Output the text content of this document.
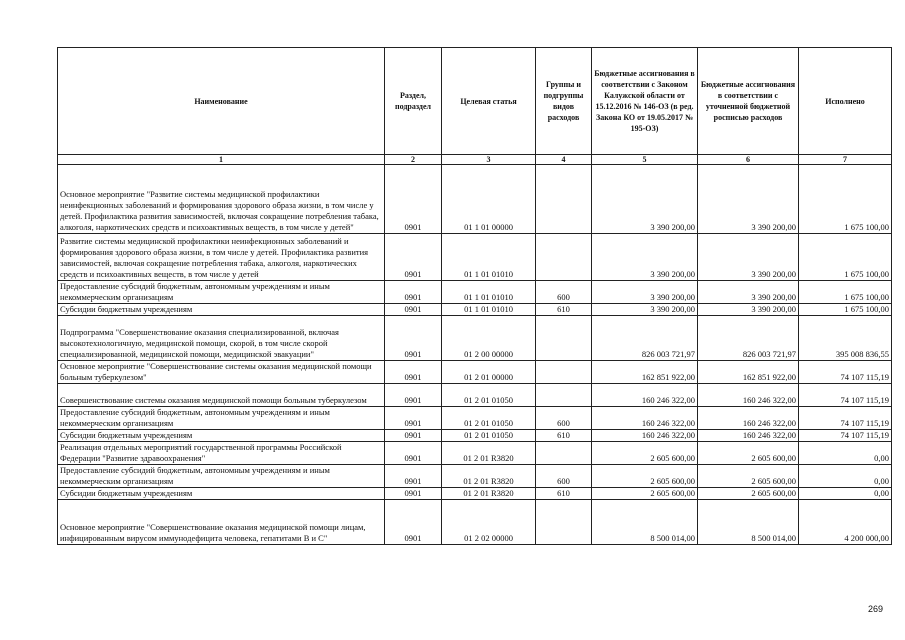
Наименование	Раздел, подраздел	Целевая статья	Группы и подгруппы видов расходов	Бюджетные ассигнования в соответствии с Законом Калужской области от 15.12.2016 № 146-ОЗ (в ред. Закона КО от 19.05.2017 № 195-ОЗ)	Бюджетные ассигнования в соответствии с уточненной бюджетной росписью расходов	Исполнено
1	2	3	4	5	6	7
Основное мероприятие "Развитие системы медицинской профилактики неинфекционных заболеваний и формирования здорового образа жизни, в том числе у детей. Профилактика развития зависимостей, включая сокращение потребления табака, алкоголя, наркотических средств и психоактивных веществ, в том числе у детей"	0901	01 1 01 00000		3 390 200,00	3 390 200,00	1 675 100,00
Развитие системы медицинской профилактики неинфекционных заболеваний и формирования здорового образа жизни, в том числе у детей. Профилактика развития зависимостей, включая сокращение потребления табака, алкоголя, наркотических средств и психоактивных веществ, в том числе у детей	0901	01 1 01 01010		3 390 200,00	3 390 200,00	1 675 100,00
Предоставление субсидий бюджетным, автономным учреждениям и иным некоммерческим организациям	0901	01 1 01 01010	600	3 390 200,00	3 390 200,00	1 675 100,00
Субсидии бюджетным учреждениям	0901	01 1 01 01010	610	3 390 200,00	3 390 200,00	1 675 100,00
Подпрограмма "Совершенствование оказания специализированной, включая высокотехнологичную, медицинской помощи, скорой, в том числе скорой специализированной, медицинской помощи, медицинской эвакуации"	0901	01 2 00 00000		826 003 721,97	826 003 721,97	395 008 836,55
Основное мероприятие "Совершенствование системы оказания медицинской помощи больным туберкулезом"	0901	01 2 01 00000		162 851 922,00	162 851 922,00	74 107 115,19
Совершенствование системы оказания медицинской помощи больным туберкулезом	0901	01 2 01 01050		160 246 322,00	160 246 322,00	74 107 115,19
Предоставление субсидий бюджетным, автономным учреждениям и иным некоммерческим организациям	0901	01 2 01 01050	600	160 246 322,00	160 246 322,00	74 107 115,19
Субсидии бюджетным учреждениям	0901	01 2 01 01050	610	160 246 322,00	160 246 322,00	74 107 115,19
Реализация отдельных мероприятий государственной программы Российской Федерации "Развитие здравоохранения"	0901	01 2 01 R3820		2 605 600,00	2 605 600,00	0,00
Предоставление субсидий бюджетным, автономным учреждениям и иным некоммерческим организациям	0901	01 2 01 R3820	600	2 605 600,00	2 605 600,00	0,00
Субсидии бюджетным учреждениям	0901	01 2 01 R3820	610	2 605 600,00	2 605 600,00	0,00
Основное мероприятие "Совершенствование оказания медицинской помощи лицам, инфицированным вирусом иммунодефицита человека, гепатитами B и C"	0901	01 2 02 00000		8 500 014,00	8 500 014,00	4 200 000,00
269
